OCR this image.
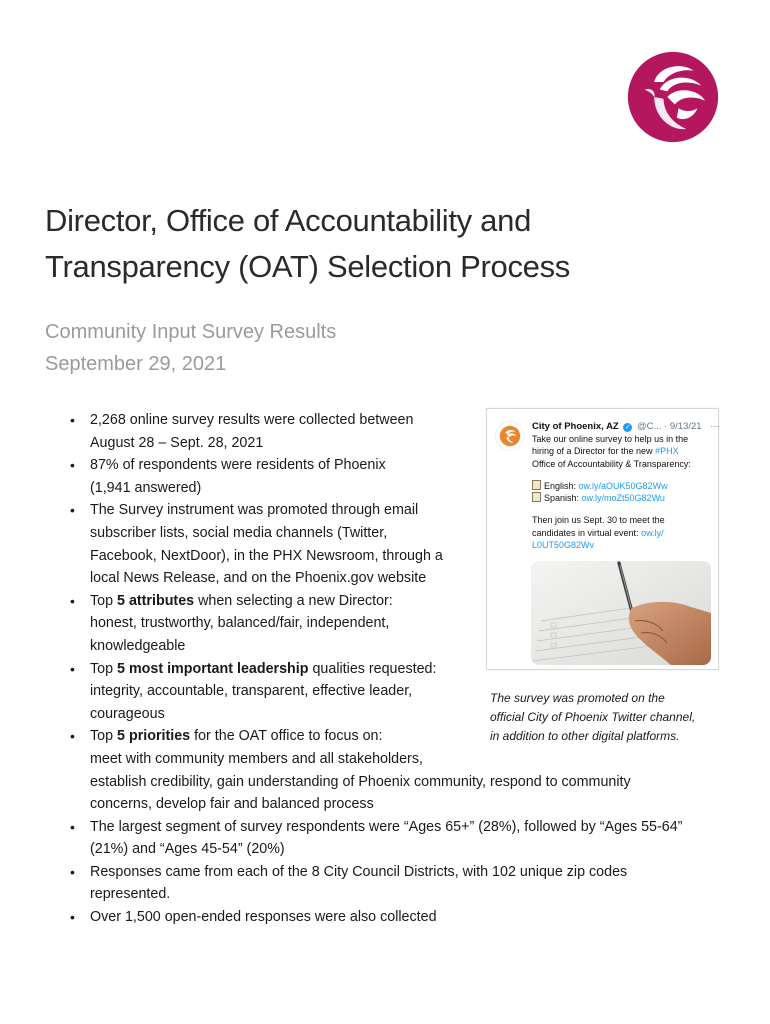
Director, Office of Accountability and
Transparency (OAT) Selection Process
Community Input Survey Results
September 29, 2021
• 2,268 online survey results were collected between
August 28 – Sept. 28, 2021
• 87% of respondents were residents of Phoenix
(1,941 answered)
• The Survey instrument was promoted through email
subscriber lists, social media channels (Twitter,
Facebook, NextDoor), in the PHX Newsroom, through a
local News Release, and on the Phoenix.gov website
• Top 5 attributes when selecting a new Director:
honest, trustworthy, balanced/fair, independent,
knowledgeable
• Top 5 most important leadership qualities requested:
integrity, accountable, transparent, effective leader,
courageous
• Top 5 priorities for the OAT office to focus on:
meet with community members and all stakeholders,
establish credibility, gain understanding of Phoenix community, respond to community
concerns, develop fair and balanced process
• The largest segment of survey respondents were “Ages 65+” (28%), followed by “Ages 55-64”
(21%) and “Ages 45-54” (20%)
• Responses came from each of the 8 City Council Districts, with 102 unique zip codes
represented.
• Over 1,500 open-ended responses were also collected
City of Phoenix, AZ ✓ @C... · 9/13/21 ···

Take our online survey to help us in the
hiring of a Director for the new #PHX
Office of Accountability & Transparency:

English: ow.ly/aOUK50G82Ww
Spanish: ow.ly/moZt50G82Wu

Then join us Sept. 30 to meet the
candidates in virtual event: ow.ly/
L0UT50G82Wv

The survey was promoted on the
official City of Phoenix Twitter channel,
in addition to other digital platforms.
